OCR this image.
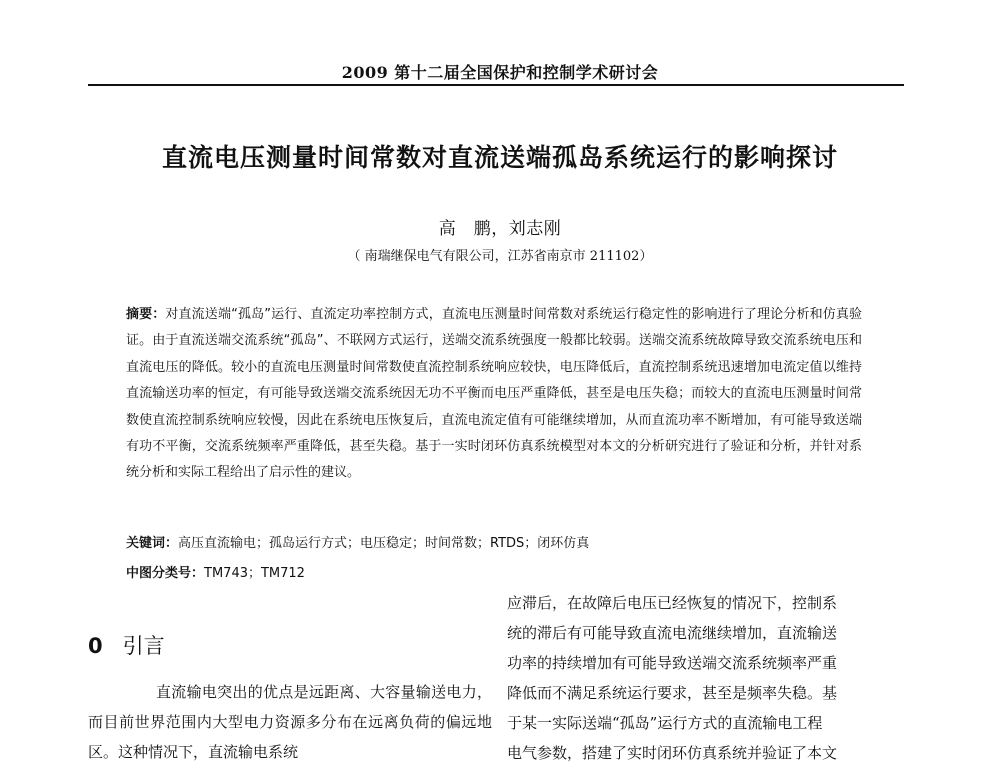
2009 第十二届全国保护和控制学术研讨会
直流电压测量时间常数对直流送端孤岛系统运行的影响探讨
高　鹏，刘志刚
（ 南瑞继保电气有限公司，江苏省南京市 211102）
摘要：对直流送端“孤岛”运行、直流定功率控制方式，直流电压测量时间常数对系统运行稳定性的影响进行了理论分析和仿真验证。由于直流送端交流系统“孤岛”、不联网方式运行，送端交流系统强度一般都比较弱。送端交流系统故障导致交流系统电压和直流电压的降低。较小的直流电压测量时间常数使直流控制系统响应较快，电压降低后，直流控制系统迅速增加电流定值以维持直流输送功率的恒定，有可能导致送端交流系统因无功不平衡而电压严重降低，甚至是电压失稳；而较大的直流电压测量时间常数使直流控制系统响应较慢，因此在系统电压恢复后，直流电流定值有可能继续增加，从而直流功率不断增加，有可能导致送端有功不平衡，交流系统频率严重降低，甚至失稳。基于一实时闭环仿真系统模型对本文的分析研究进行了验证和分析，并针对系统分析和实际工程给出了启示性的建议。
关键词：高压直流输电；孤岛运行方式；电压稳定；时间常数；RTDS；闭环仿真
中图分类号：TM743；TM712
0 引言
直流输电突出的优点是远距离、大容量输送电力，而目前世界范围内大型电力资源多分布在远离负荷的偏远地区。这种情况下，直流输电系统
应滞后，在故障后电压已经恢复的情况下，控制系
统的滞后有可能导致直流电流继续增加，直流输送
功率的持续增加有可能导致送端交流系统频率严重
降低而不满足系统运行要求，甚至是频率失稳。基
于某一实际送端“孤岛”运行方式的直流输电工程
电气参数，搭建了实时闭环仿真系统并验证了本文
